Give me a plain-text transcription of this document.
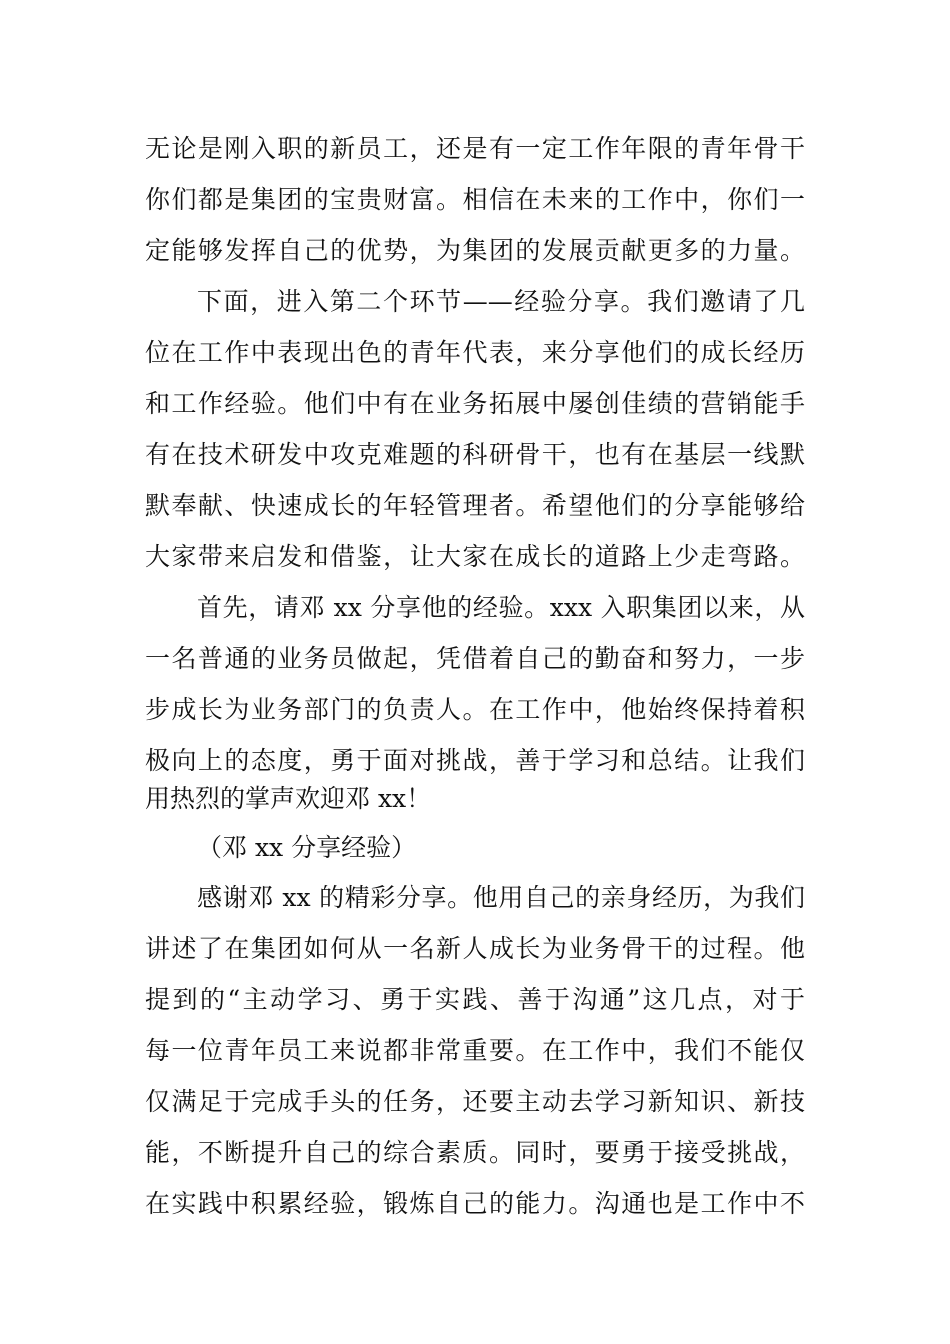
无论是刚入职的新员工，还是有一定工作年限的青年骨干
你们都是集团的宝贵财富。相信在未来的工作中，你们一
定能够发挥自己的优势，为集团的发展贡献更多的力量。
下面，进入第二个环节——经验分享。我们邀请了几
位在工作中表现出色的青年代表，来分享他们的成长经历
和工作经验。他们中有在业务拓展中屡创佳绩的营销能手
有在技术研发中攻克难题的科研骨干，也有在基层一线默
默奉献、快速成长的年轻管理者。希望他们的分享能够给
大家带来启发和借鉴，让大家在成长的道路上少走弯路。
首先，请邓 xx 分享他的经验。xxx 入职集团以来，从
一名普通的业务员做起，凭借着自己的勤奋和努力，一步
步成长为业务部门的负责人。在工作中，他始终保持着积
极向上的态度，勇于面对挑战，善于学习和总结。让我们
用热烈的掌声欢迎邓 xx！
（邓 xx 分享经验）
感谢邓 xx 的精彩分享。他用自己的亲身经历，为我们
讲述了在集团如何从一名新人成长为业务骨干的过程。他
提到的“主动学习、勇于实践、善于沟通”这几点，对于
每一位青年员工来说都非常重要。在工作中，我们不能仅
仅满足于完成手头的任务，还要主动去学习新知识、新技
能，不断提升自己的综合素质。同时，要勇于接受挑战，
在实践中积累经验，锻炼自己的能力。沟通也是工作中不
